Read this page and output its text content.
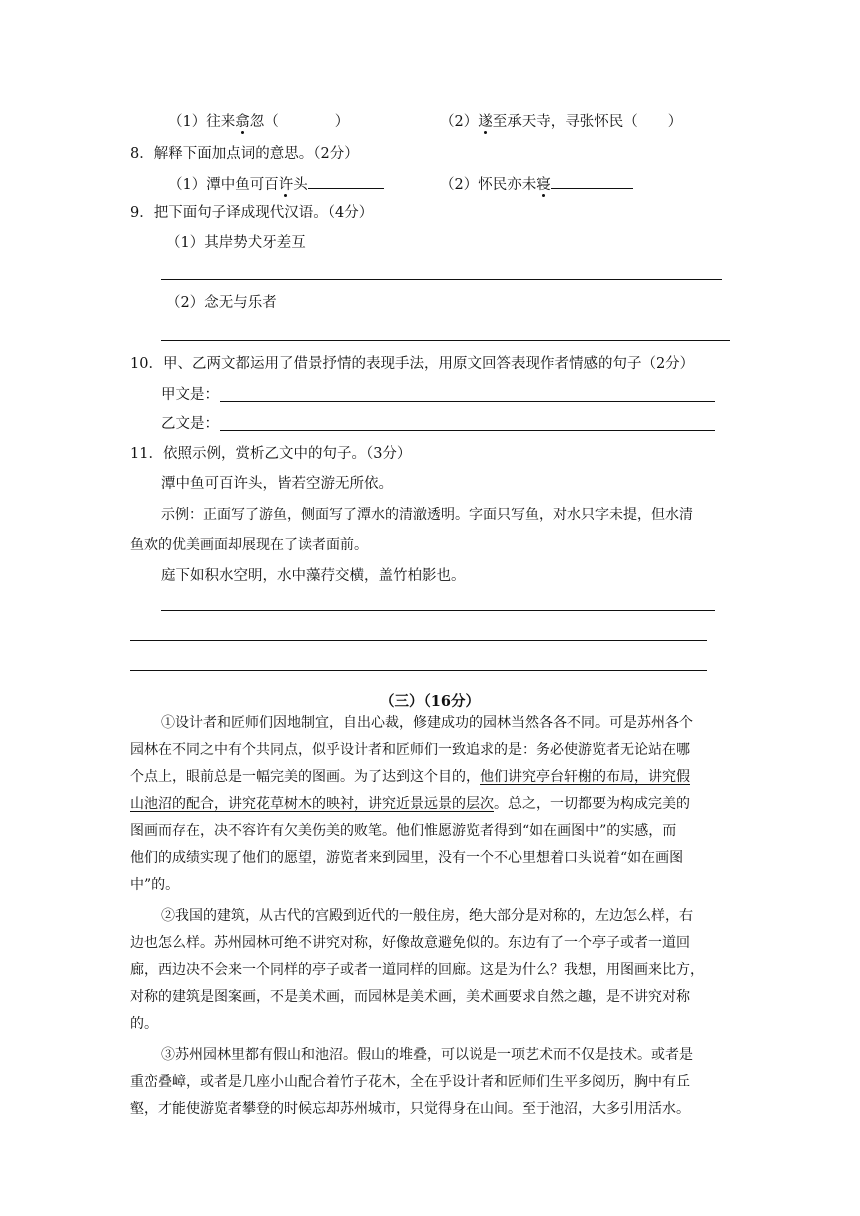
（1）往来翕忽（	）	（2）遂至承天寺，寻张怀民（ ）
8．解释下面加点词的意思。（2分）
（1）潭中鱼可百许头	（2）怀民亦未寝
9．把下面句子译成现代汉语。（4分）
（1）其岸势犬牙差互
（2）念无与乐者
10．甲、乙两文都运用了借景抒情的表现手法，用原文回答表现作者情感的句子（2分）
甲文是：
乙文是：
11．依照示例，赏析乙文中的句子。（3分）
潭中鱼可百许头，皆若空游无所依。
示例：正面写了游鱼，侧面写了潭水的清澈透明。字面只写鱼，对水只字未提，但水清
鱼欢的优美画面却展现在了读者面前。
庭下如积水空明，水中藻荇交横，盖竹柏影也。
（三）（16分）
①设计者和匠师们因地制宜，自出心裁，修建成功的园林当然各各不同。可是苏州各个
园林在不同之中有个共同点，似乎设计者和匠师们一致追求的是：务必使游览者无论站在哪
个点上，眼前总是一幅完美的图画。为了达到这个目的，他们讲究亭台轩榭的布局，讲究假
山池沼的配合，讲究花草树木的映衬，讲究近景远景的层次。总之，一切都要为构成完美的
图画而存在，决不容许有欠美伤美的败笔。他们惟愿游览者得到“如在画图中”的实感，而
他们的成绩实现了他们的愿望，游览者来到园里，没有一个不心里想着口头说着“如在画图
中”的。
②我国的建筑，从古代的宫殿到近代的一般住房，绝大部分是对称的，左边怎么样，右
边也怎么样。苏州园林可绝不讲究对称，好像故意避免似的。东边有了一个亭子或者一道回
廊，西边决不会来一个同样的亭子或者一道同样的回廊。这是为什么？我想，用图画来比方，
对称的建筑是图案画，不是美术画，而园林是美术画，美术画要求自然之趣，是不讲究对称
的。
③苏州园林里都有假山和池沼。假山的堆叠，可以说是一项艺术而不仅是技术。或者是
重峦叠嶂，或者是几座小山配合着竹子花木，全在乎设计者和匠师们生平多阅历，胸中有丘
壑，才能使游览者攀登的时候忘却苏州城市，只觉得身在山间。至于池沼，大多引用活水。
